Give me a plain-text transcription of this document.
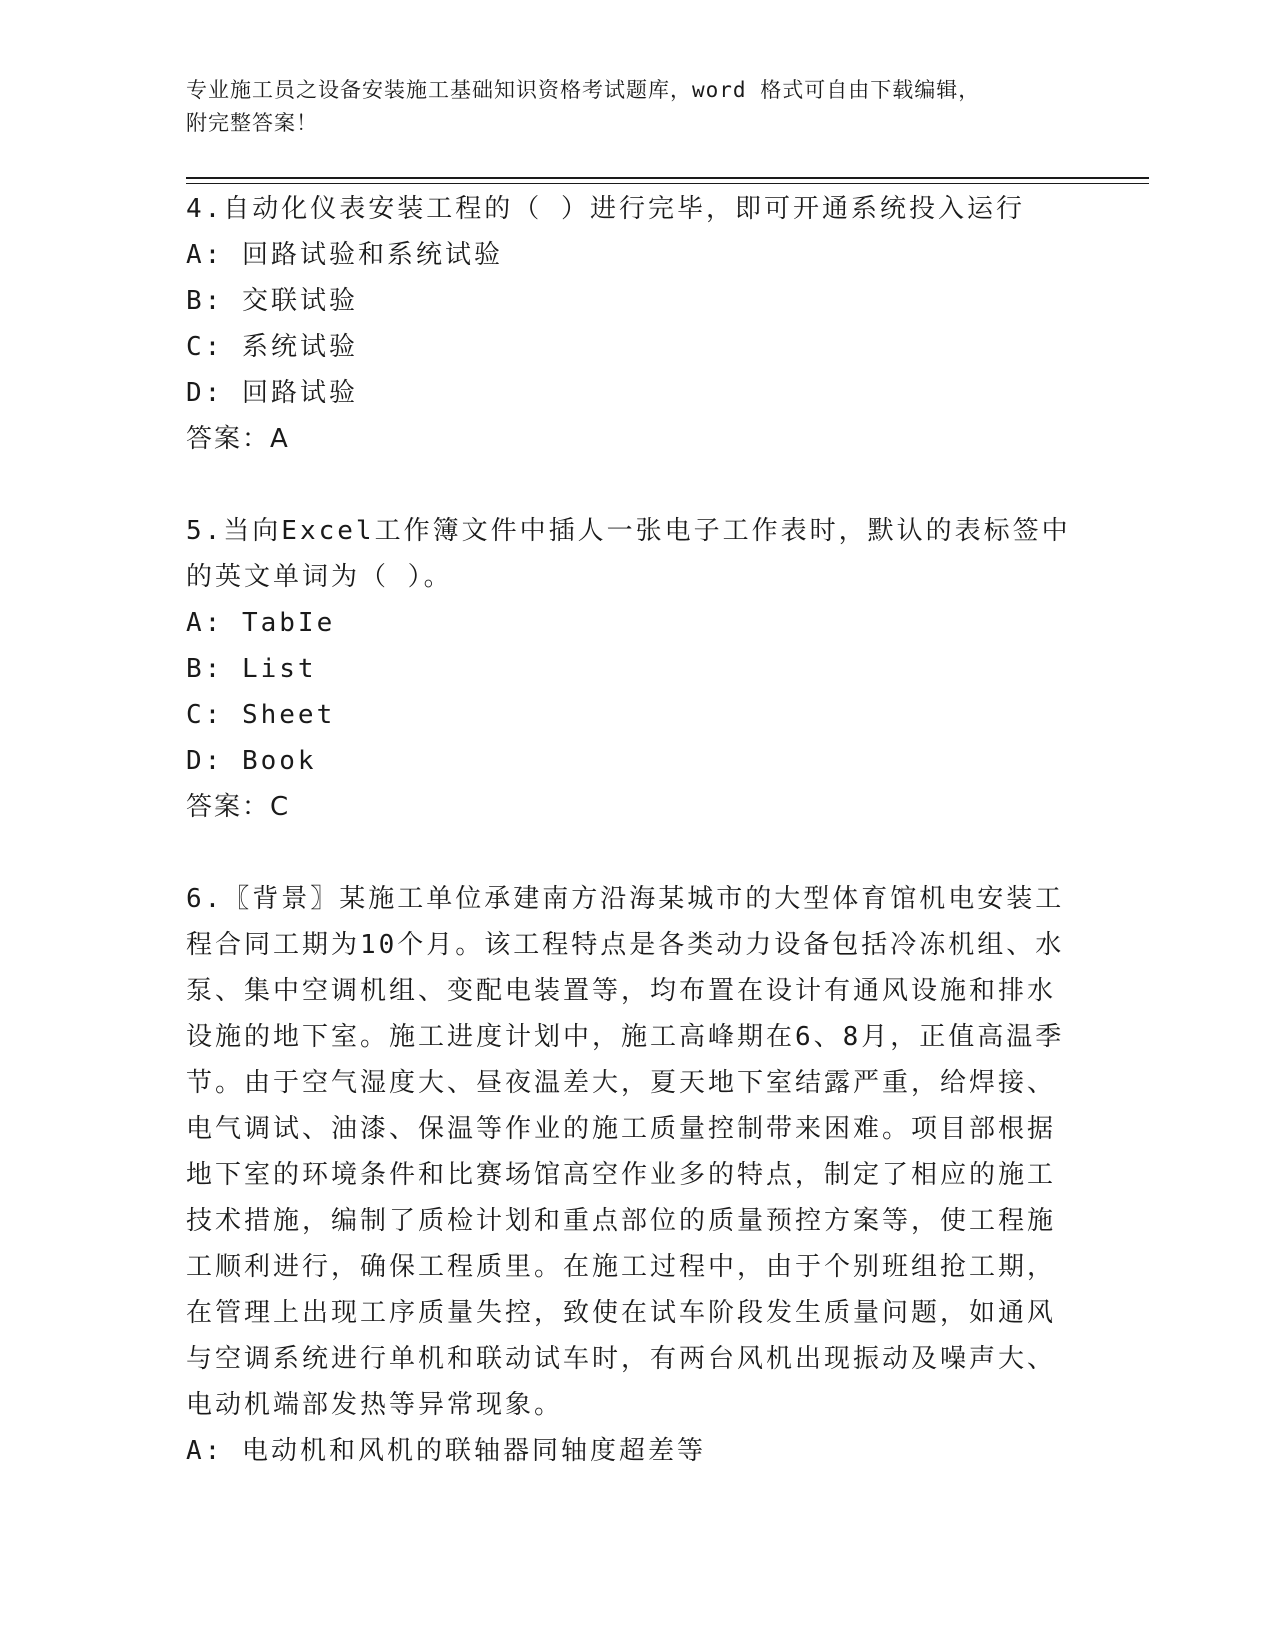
专业施工员之设备安装施工基础知识资格考试题库，word 格式可自由下载编辑，
附完整答案！

4.自动化仪表安装工程的（ ）进行完毕，即可开通系统投入运行

A: 回路试验和系统试验

B: 交联试验

C: 系统试验

D: 回路试验

答案：A

5.当向Excel工作簿文件中插人一张电子工作表时，默认的表标签中

的英文单词为（ ）。

A: TabIe

B: List

C: Sheet

D: Book

答案：C

6.〖背景〗某施工单位承建南方沿海某城市的大型体育馆机电安装工

程合同工期为10个月。该工程特点是各类动力设备包括冷冻机组、水

泵、集中空调机组、变配电装置等，均布置在设计有通风设施和排水

设施的地下室。施工进度计划中，施工高峰期在6、8月，正值高温季

节。由于空气湿度大、昼夜温差大，夏天地下室结露严重，给焊接、

电气调试、油漆、保温等作业的施工质量控制带来困难。项目部根据

地下室的环境条件和比赛场馆高空作业多的特点，制定了相应的施工

技术措施，编制了质检计划和重点部位的质量预控方案等，使工程施

工顺利进行，确保工程质里。在施工过程中，由于个别班组抢工期，

在管理上出现工序质量失控，致使在试车阶段发生质量问题，如通风

与空调系统进行单机和联动试车时，有两台风机出现振动及噪声大、

电动机端部发热等异常现象。

A: 电动机和风机的联轴器同轴度超差等
